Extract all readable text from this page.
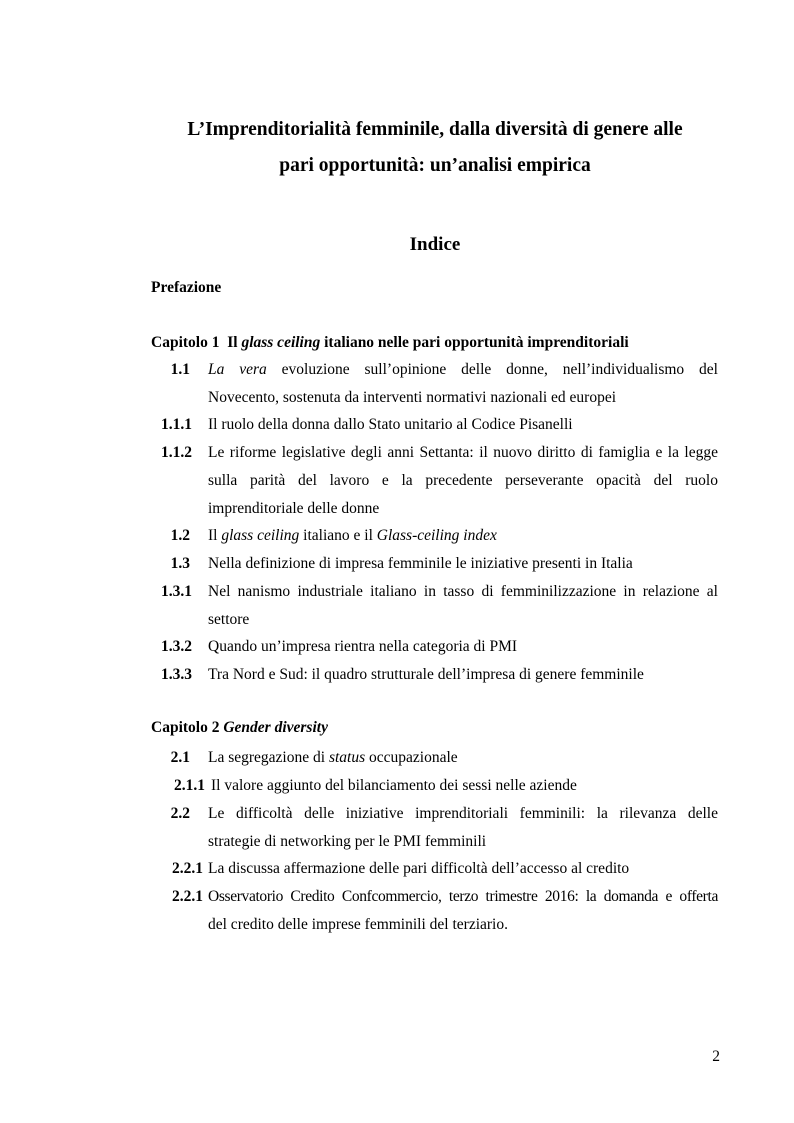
L’Imprenditorialità femminile, dalla diversità di genere alle
pari opportunità: un’analisi empirica
Indice
Prefazione
Capitolo 1 Il glass ceiling italiano nelle pari opportunità imprenditoriali
1.1 La vera evoluzione sull’opinione delle donne, nell’individualismo del
Novecento, sostenuta da interventi normativi nazionali ed europei
1.1.1 Il ruolo della donna dallo Stato unitario al Codice Pisanelli
1.1.2 Le riforme legislative degli anni Settanta: il nuovo diritto di famiglia e la legge
sulla parità del lavoro e la precedente perseverante opacità del ruolo
imprenditoriale delle donne
1.2 Il glass ceiling italiano e il Glass-ceiling index
1.3 Nella definizione di impresa femminile le iniziative presenti in Italia
1.3.1 Nel nanismo industriale italiano in tasso di femminilizzazione in relazione al
settore
1.3.2 Quando un’impresa rientra nella categoria di PMI
1.3.3 Tra Nord e Sud: il quadro strutturale dell’impresa di genere femminile
Capitolo 2 Gender diversity
2.1 La segregazione di status occupazionale
2.1.1 Il valore aggiunto del bilanciamento dei sessi nelle aziende
2.2 Le difficoltà delle iniziative imprenditoriali femminili: la rilevanza delle
strategie di networking per le PMI femminili
2.2.1 La discussa affermazione delle pari difficoltà dell’accesso al credito
2.2.1 Osservatorio Credito Confcommercio, terzo trimestre 2016: la domanda e offerta
del credito delle imprese femminili del terziario.
2
